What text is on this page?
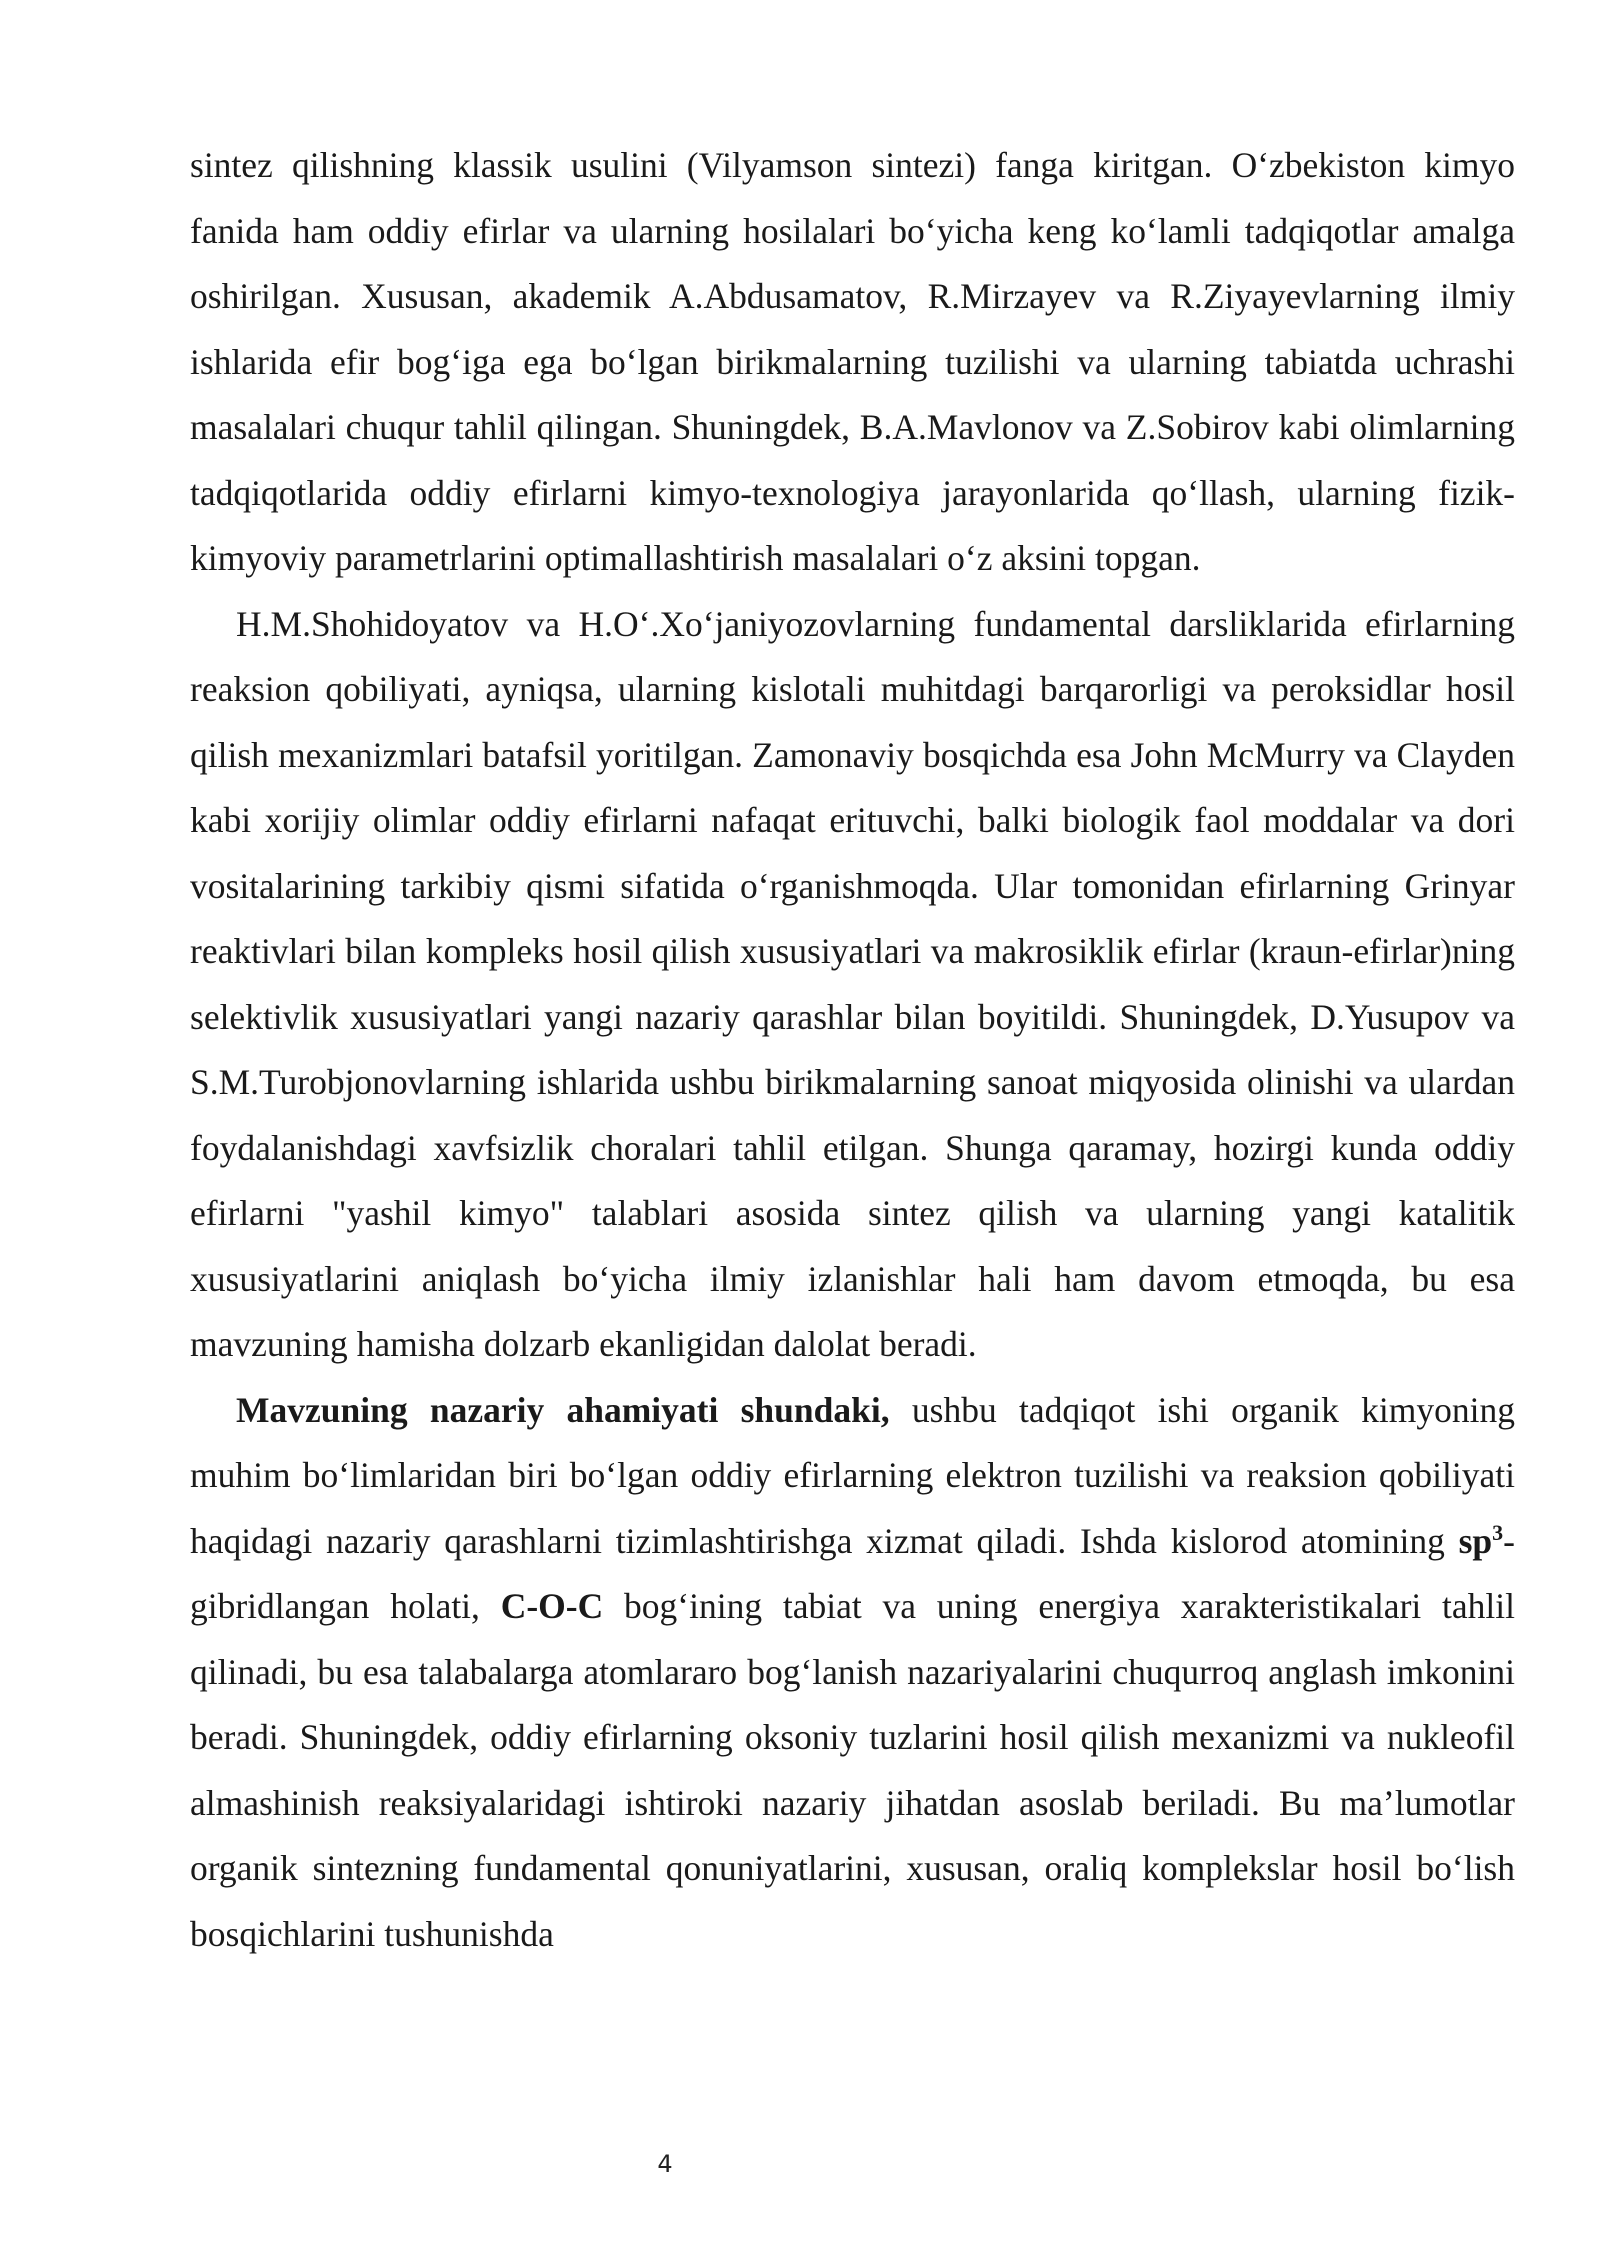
sintez qilishning klassik usulini (Vilyamson sintezi) fanga kiritgan. O‘zbekiston kimyo fanida ham oddiy efirlar va ularning hosilalari bo‘yicha keng ko‘lamli tadqiqotlar amalga oshirilgan. Xususan, akademik A.Abdusamatov, R.Mirzayev va R.Ziyayevlarning ilmiy ishlarida efir bog‘iga ega bo‘lgan birikmalarning tuzilishi va ularning tabiatda uchrashi masalalari chuqur tahlil qilingan. Shuningdek, B.A.Mavlonov va Z.Sobirov kabi olimlarning tadqiqotlarida oddiy efirlarni kimyo-texnologiya jarayonlarida qo‘llash, ularning fizik-kimyoviy parametrlarini optimallashtirish masalalari o‘z aksini topgan.

H.M.Shohidoyatov va H.O‘.Xo‘janiyozovlarning fundamental darsliklarida efirlarning reaksion qobiliyati, ayniqsa, ularning kislotali muhitdagi barqarorligi va peroksidlar hosil qilish mexanizmlari batafsil yoritilgan. Zamonaviy bosqichda esa John McMurry va Clayden kabi xorijiy olimlar oddiy efirlarni nafaqat erituvchi, balki biologik faol moddalar va dori vositalarining tarkibiy qismi sifatida o‘rganishmoqda. Ular tomonidan efirlarning Grinyar reaktivlari bilan kompleks hosil qilish xususiyatlari va makrosiklik efirlar (kraun-efirlar)ning selektivlik xususiyatlari yangi nazariy qarashlar bilan boyitildi. Shuningdek, D.Yusupov va S.M.Turobjonovlarning ishlarida ushbu birikmalarning sanoat miqyosida olinishi va ulardan foydalanishdagi xavfsizlik choralari tahlil etilgan. Shunga qaramay, hozirgi kunda oddiy efirlarni "yashil kimyo" talablari asosida sintez qilish va ularning yangi katalitik xususiyatlarini aniqlash bo‘yicha ilmiy izlanishlar hali ham davom etmoqda, bu esa mavzuning hamisha dolzarb ekanligidan dalolat beradi.

Mavzuning nazariy ahamiyati shundaki, ushbu tadqiqot ishi organik kimyoning muhim bo‘limlaridan biri bo‘lgan oddiy efirlarning elektron tuzilishi va reaksion qobiliyati haqidagi nazariy qarashlarni tizimlashtirishga xizmat qiladi. Ishda kislorod atomining $sp^3$-gibridlangan holati, C-O-C bog‘ining tabiat va uning energiya xarakteristikalari tahlil qilinadi, bu esa talabalarga atomlararo bog‘lanish nazariyalarini chuqurroq anglash imkonini beradi. Shuningdek, oddiy efirlarning oksoniy tuzlarini hosil qilish mexanizmi va nukleofil almashinish reaksiyalaridagi ishtiroki nazariy jihatdan asoslab beriladi. Bu ma’lumotlar organik sintezning fundamental qonuniyatlarini, xususan, oraliq komplekslar hosil bo‘lish bosqichlarini tushunishda

4
